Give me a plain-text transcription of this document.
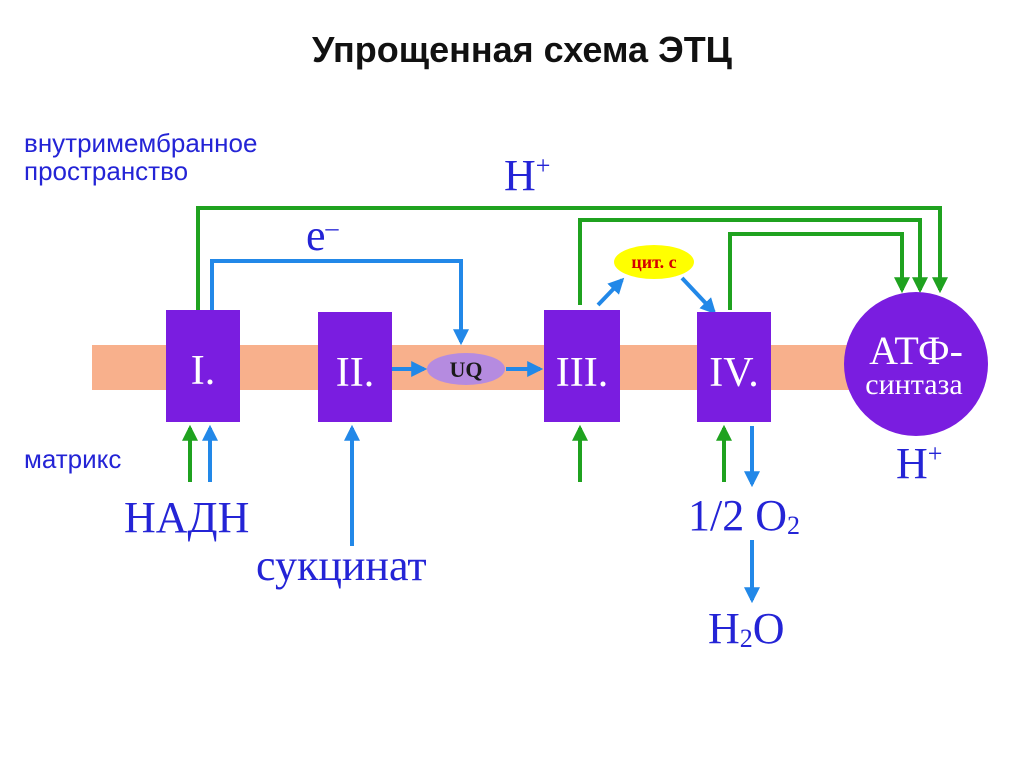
Упрощенная схема ЭТЦ
внутримембранное
пространство
матрикс
I.	II.	III. IV.
UQ
цит. с
АТФ-
синтаза
H+
e–
H+
НАДН
сукцинат
1/2 O2
H2O
